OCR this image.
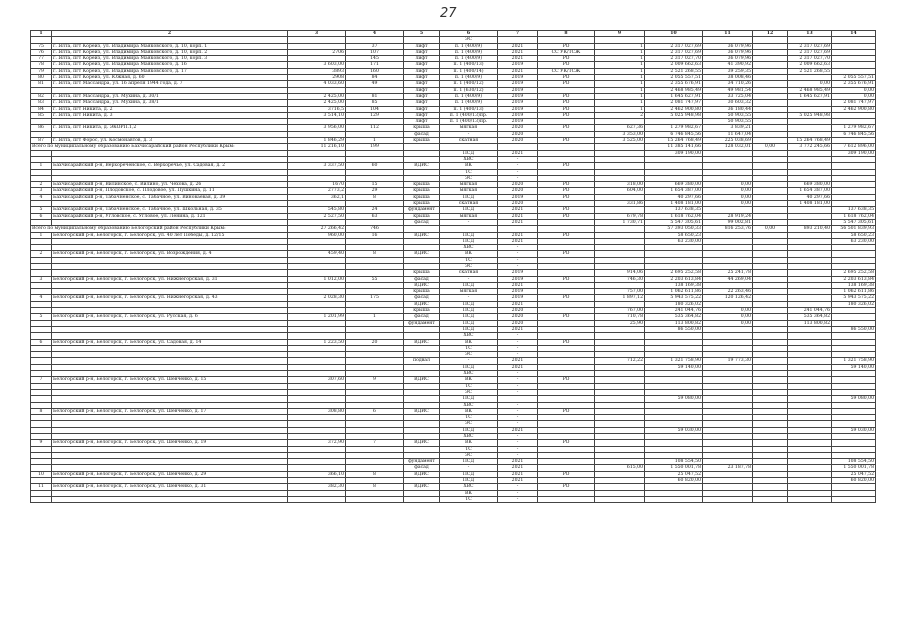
27
1	2	3	4	5	6	7	8	9	10	11	12	13	14
					ЭС								
75	г. Ялта, пгт Кореиз, ул. Владимира Маяковского, д. 10, корп. 1		37	лифт	п. 1 (400/9)	2021	РО	1	2 317 027,69	36 079,96		2 317 027,69	
76	г. Ялта, пгт Кореиз, ул. Владимира Маяковского, д. 10, корп. 2	2706	107	лифт	п. 1 (400/9)	2021	СС УК/ТСЖ	1	2 317 027,69	36 079,96		2 317 027,69	
77	г. Ялта, пгт Кореиз, ул. Владимира Маяковского, д. 10, корп. 3		145	лифт	п. 1 (400/9)	2021	РО	1	2 317 027,70	36 079,96		2 317 027,70	
78	г. Ялта, пгт Кореиз, ул. Владимира Маяковского, д. 16	3 603,00	171	лифт	п. 1 (400/13)	2019	РО	1	2 009 662,63	41 390,92		2 009 662,63	
79	г. Ялта, пгт Кореиз, ул. Владимира Маяковского, д. 17	3893	160	лифт	п. 1 (400/14)	2021	СС УК/ТСЖ	1	2 521 268,55	39 259,35		2 521 268,55	
80	г. Ялта, пгт Кореиз, ул. Южная, д. 60	2908	84	лифт	п. 1 (400/9)	2019	РО	1	2 055 557,51	38 008,46			2 055 557,51
81	г. Ялта, пгт Массандра, ул. 16 апреля 1944 года, д. 7	4 033,60	49	лифт	п. 1 (400/12)	2019	РО	1	2 355 676,91	34 710,26		0,00	2 355 676,91
				лифт	п. 1 (630/12)	2019		1	2 468 985,49	49 981,54		2 468 985,49	0,00
82	г. Ялта, пгт Массандра, ул. Мухина, д. 30/1	2 425,00	81	лифт	п. 1 (400/9)	2019	РО	1	1 645 627,91	33 725,04		1 645 627,91	0,00
83	г. Ялта, пгт Массандра, ул. Мухина, д. 38/1	2 425,00	85	лифт	п. 1 (400/9)	2019	РО	1	2 081 747,97	30 603,32			2 081 747,97
84	г. Ялта, пгт Никита, д. 2	3716,5	104	лифт	п. 1 (400/13)	2019	РО	1	2 462 900,80	36 180,44			2 462 900,80
85	г. Ялта, пгт Никита, д. 3	3 514,10	129	лифт	п. 1 (400/13)пр.	2019	РО	2	5 025 948,98	50 903,55		5 025 948,98	
				лифт	п. 1 (400/13)пр.	2019				50 903,55			
86	г. Ялта, пгт Никита, д. ЭКОРП.1,2	3 956,00	112	крыша	мягкая	2020	РО	627,36	1 279 982,67	3 839,21			1 279 982,67
				фасад	-	2020		3 353,00	6 746 845,56	11 647,04			6 746 845,56
87	г. Ялта, пгт Форос, ул. Космонавтов, д. 3	1 846,29	1	крыша	скатная	2020	РО	3 525,00	15 264 768,49	225 038,69		15 264 768,49	
Всего по муниципальному образованию Бахчисарайский район Республики Крым:		11 216,10	199						11 385 141,66	128 032,01	0,00	3 772 245,66	7 612 896,00
					ПСД	2021			309 190,00				309 190,00
					ХВС	-							
1	Бахчисарайский р-н, Верхореченское, с. Верхоречье, ул. Садовая, д. 2	3 337,50	60	ВДИС	ВК	-	РО						
					ТС	-							
					ЭС	-							
2	Бахчисарайский р-н, Вилинское, с. Вилино, ул. Чехова, д. 26	1670	15	крыша	мягкая	2020	РО	318,00	669 380,00	0,00		669 380,00	
3	Бахчисарайский р-н, Плодовское, с. Плодовое, ул. Пушкина, д. 11	2773,2	29	крыша	мягкая	2020	РО	604,00	1 654 387,00	0,00		1 654 387,00	
4	Бахчисарайский р-н, Табачненское, с. Табачное, ул. Виноваевая, д. 39	362,1	8	крыша	ПСД	2019	РО		40 297,66	0,00		40 297,66	
				крыша	скатная	2020		331,86	1 408 181,00	0,00		1 408 181,00	
5	Бахчисарайский р-н, Табачненское, с. Табачное, ул. Школьная, д. 35	545,80	24	фундамент	ПСД	2021	РО		137 638,35				137 638,35
6	Бахчисарайский р-н, Угловское, с. Угловое, ул. Ленина, д. 121	2 527,50	63	крыша	мягкая	2021	РО	679,78	1 618 762,04	28 919,24			1 618 762,04
				фасад	-	2021		1 730,71	5 547 305,61	99 002,81			5 547 305,61
Всего по муниципальному образованию Белогорский район Республики Крым:		27 266,42	746						57 393 050,33	816 253,76	0,00	893 210,40	56 501 839,93
1	Белогорский р-н, Белогорск, г. Белогорск, ул. 40 лет Победы, д. 12/15	960,00	16	ВДИС	ПСД	2021	РО		58 650,23				58 650,23
					ПСД	2021			63 230,00				63 230,00
					ХВС	-							
2	Белогорский р-н, Белогорск, г. Белогорск, ул. Возрождения, д. 4	459,40	8	ВДИС	ВК	-	РО						
					ТС	-							
					ЭС	-							
				крыша	скатная	2019		914,06	2 695 252,58	25 241,78			2 695 252,58
3	Белогорский р-н, Белогорск, г. Белогорск, ул. Нижнегорская, д. 31	1 012,00	55	фасад	-	2019	РО	746,30	2 203 613,84	44 269,04			2 203 613,84
				ВДИС	ПСД	2021			138 169,38				138 169,38
				крыша	мягкая	2019		757,00	1 062 611,86	22 263,46			1 062 611,86
4	Белогорский р-н, Белогорск, г. Белогорск, ул. Нижнегорская, д. 43	2 028,30	175	фасад	-	2019	РО	1 897,12	5 943 575,22	120 126,42			5 943 575,22
				ВДИС	ПСД	2021			180 326,02				180 326,02
				крыша	ПСД	2020		767,00	241 044,76	0,00		241 044,76	
5	Белогорский р-н, Белогорск, г. Белогорск, ул. Русская, д. 6	1 201,99	1	фасад	ПСД	2020	РО	710,78	535 364,82	0,00		535 364,82	
				фундамент	ПСД	2020		25,90	113 800,82	0,00		113 800,82	
					ПСД	2021			86 550,00				86 550,00
					ХВС	-							
6	Белогорский р-н, Белогорск, г. Белогорск, ул. Садовая, д. 14	1 223,50	20	ВДИС	ВК	-	РО						
					ТС	-							
					ЭС	-							
				подвал	-	2021		712,22	1 321 758,90	19 773,30			1 321 758,90
					ПСД	2021			59 140,00				59 140,00
					ХВС	-							
7	Белогорский р-н, Белогорск, г. Белогорск, ул. Шевченко, д. 15	307,60	9	ВДИС	ВК	-	РО						
					ТС	-							
					ЭС	-							
					ПСД				59 080,00				59 080,00
					ХВС	-							
8	Белогорский р-н, Белогорск, г. Белогорск, ул. Шевченко, д. 17	308,80	6	ВДИС	ВК	-	РО						
					ТС	-							
					ЭС	-							
					ПСД	2021			59 030,00				59 030,00
					ХВС	-							
9	Белогорский р-н, Белогорск, г. Белогорск, ул. Шевченко, д. 19	372,90	7	ВДИС	ВК	-	РО						
					ТС	-							
					ЭС	-							
				фундамент	ПСД	2021			108 554,50				108 554,50
				фасад	-	2021		615,00	1 550 001,78	23 187,78			1 550 001,78
10	Белогорский р-н, Белогорск, г. Белогорск, ул. Шевченко, д. 29	366,10	8	ВДИС	ПСД	2021	РО		25 047,52				25 047,52
					ПСД	2021			60 820,00				60 820,00
11	Белогорский р-н, Белогорск, г. Белогорск, ул. Шевченко, д. 31	382,30	8	ВДИС	ХВС	-	РО						
					ВК	-							
					ТС	-							
